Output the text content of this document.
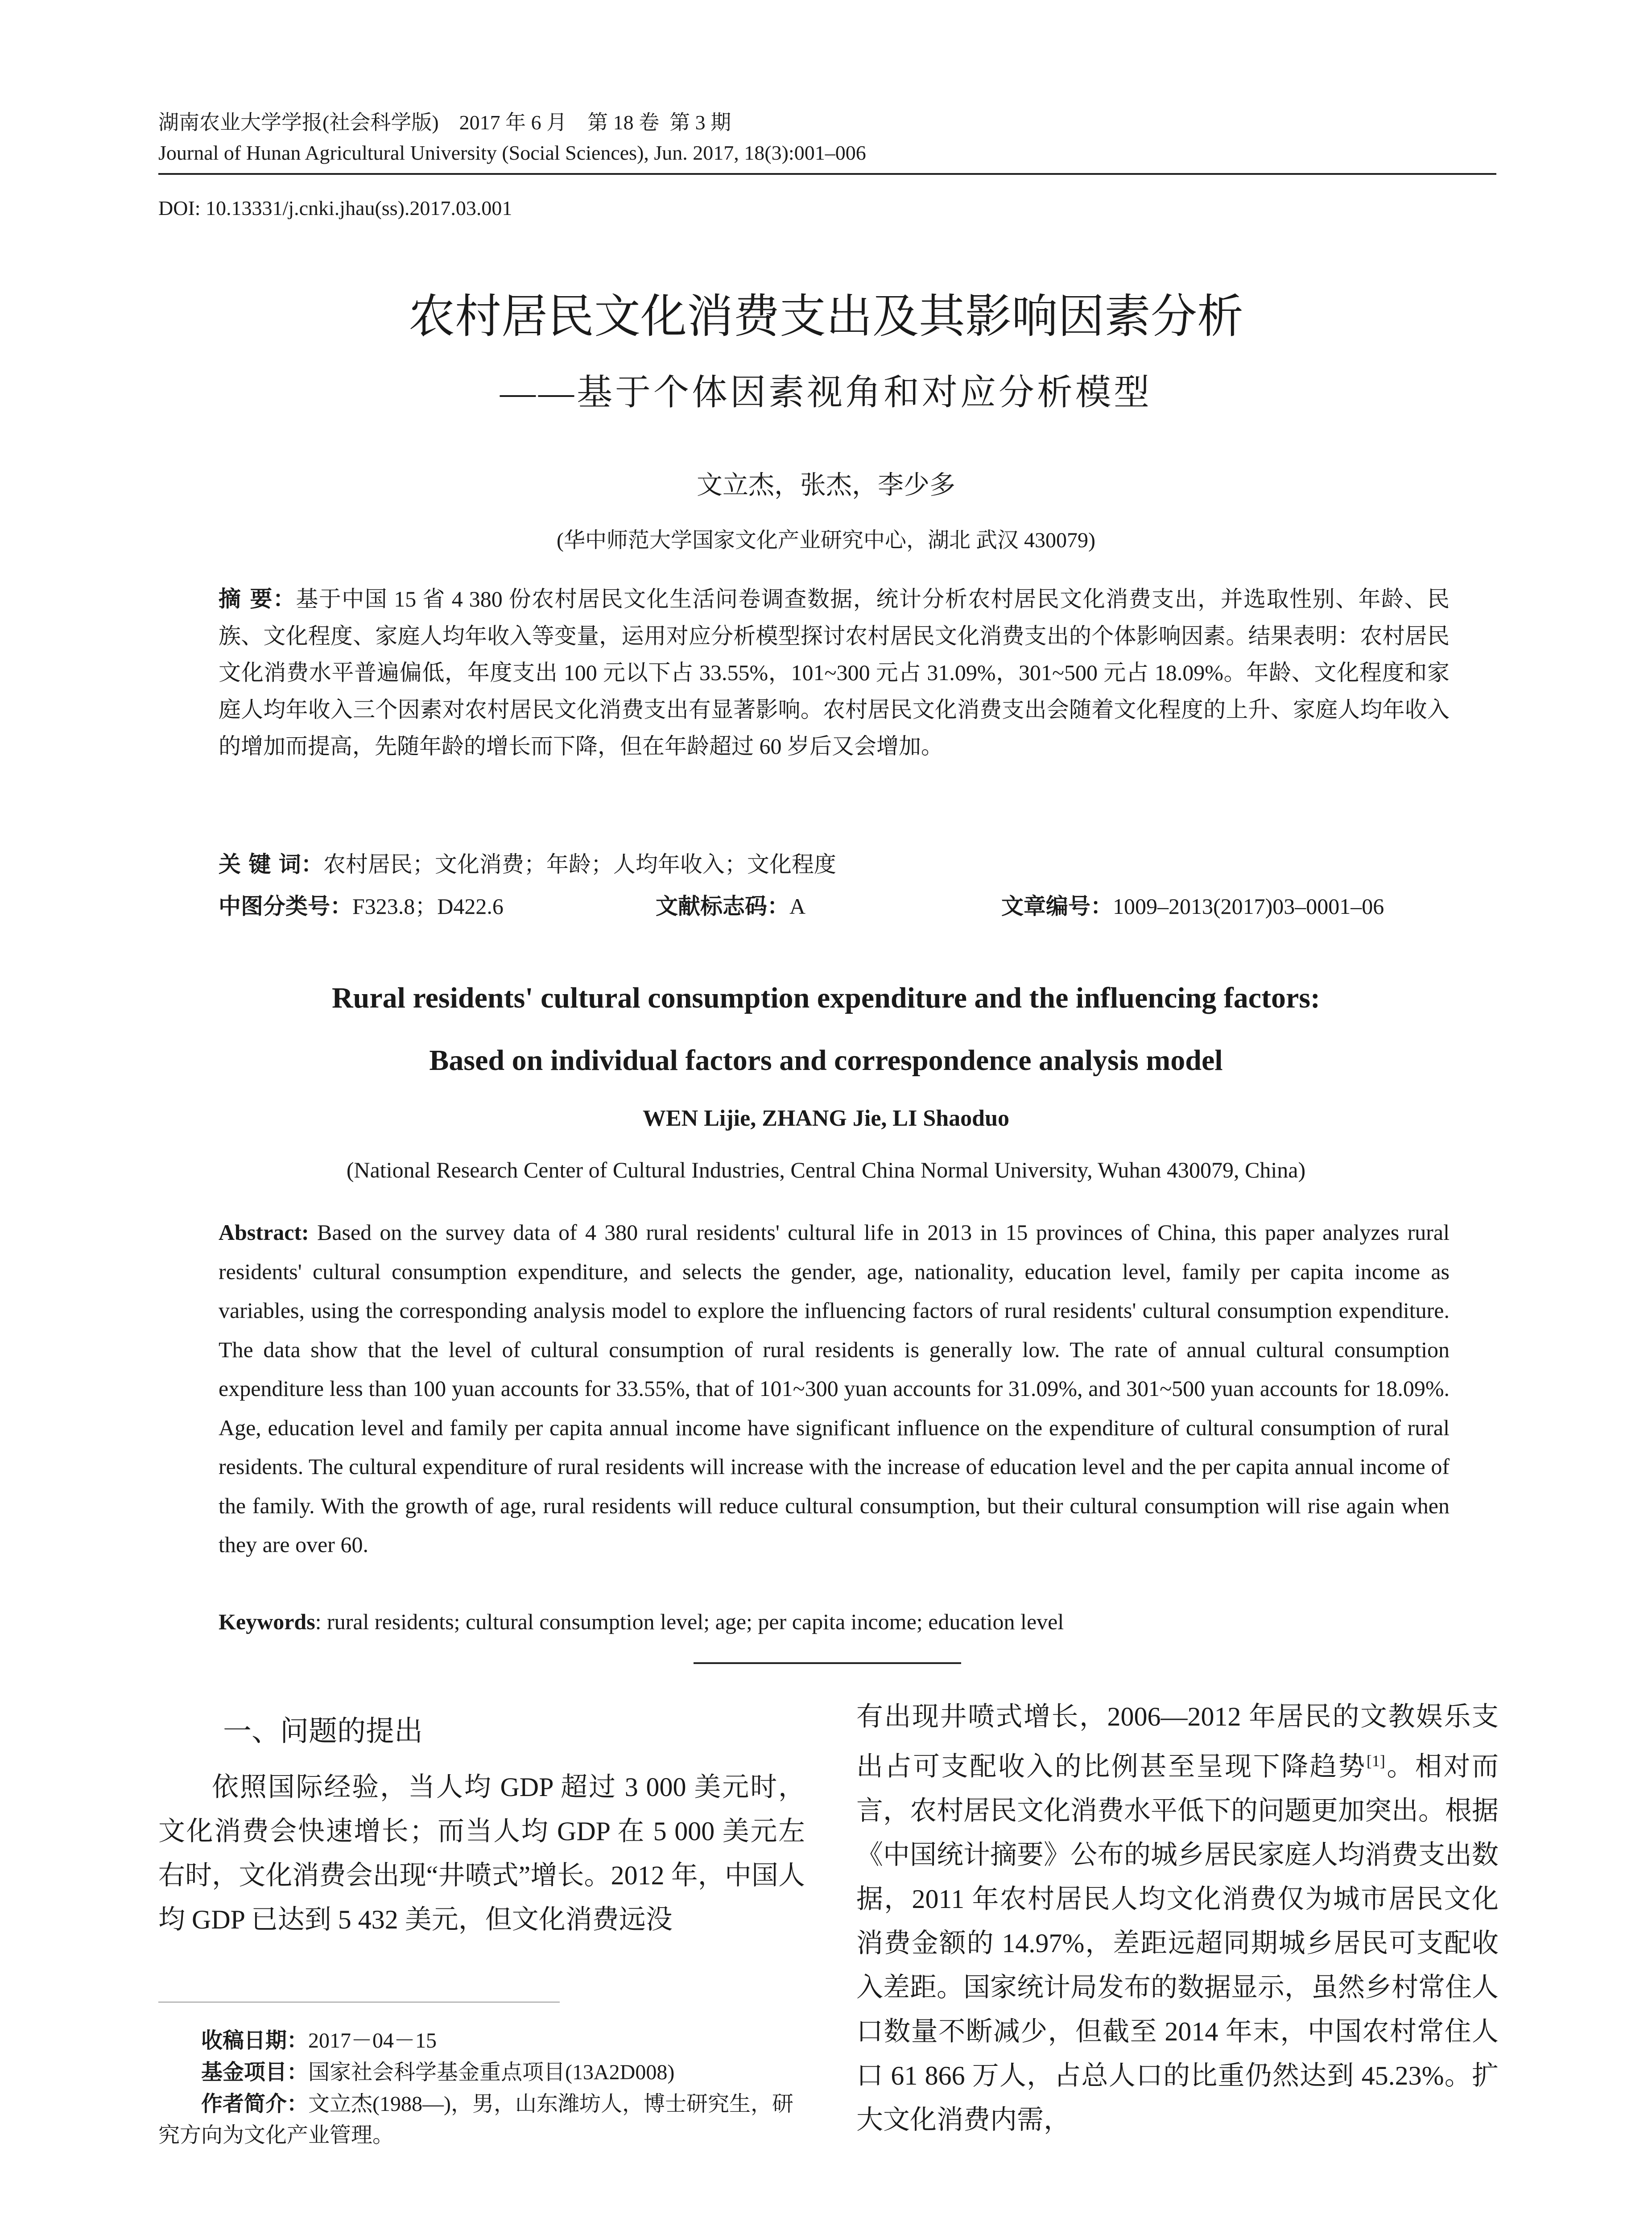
湖南农业大学学报(社会科学版)    2017 年 6 月    第 18 卷  第 3 期
Journal of Hunan Agricultural University (Social Sciences), Jun. 2017, 18(3):001–006
DOI: 10.13331/j.cnki.jhau(ss).2017.03.001
农村居民文化消费支出及其影响因素分析
——基于个体因素视角和对应分析模型
文立杰，张杰，李少多
(华中师范大学国家文化产业研究中心，湖北 武汉 430079)
摘 要：基于中国 15 省 4 380 份农村居民文化生活问卷调查数据，统计分析农村居民文化消费支出，并选取性别、年龄、民族、文化程度、家庭人均年收入等变量，运用对应分析模型探讨农村居民文化消费支出的个体影响因素。结果表明：农村居民文化消费水平普遍偏低，年度支出 100 元以下占 33.55%，101~300 元占 31.09%，301~500 元占 18.09%。年龄、文化程度和家庭人均年收入三个因素对农村居民文化消费支出有显著影响。农村居民文化消费支出会随着文化程度的上升、家庭人均年收入的增加而提高，先随年龄的增长而下降，但在年龄超过 60 岁后又会增加。
关 键 词：农村居民；文化消费；年龄；人均年收入；文化程度
中图分类号：F323.8；D422.6	文献标志码：A	文章编号：1009–2013(2017)03–0001–06
Rural residents' cultural consumption expenditure and the influencing factors:
Based on individual factors and correspondence analysis model
WEN Lijie, ZHANG Jie, LI Shaoduo
(National Research Center of Cultural Industries, Central China Normal University, Wuhan 430079, China)
Abstract: Based on the survey data of 4 380 rural residents' cultural life in 2013 in 15 provinces of China, this paper analyzes rural residents' cultural consumption expenditure, and selects the gender, age, nationality, education level, family per capita income as variables, using the corresponding analysis model to explore the influencing factors of rural residents' cultural consumption expenditure. The data show that the level of cultural consumption of rural residents is generally low. The rate of annual cultural consumption expenditure less than 100 yuan accounts for 33.55%, that of 101~300 yuan accounts for 31.09%, and 301~500 yuan accounts for 18.09%. Age, education level and family per capita annual income have significant influence on the expenditure of cultural consumption of rural residents. The cultural expenditure of rural residents will increase with the increase of education level and the per capita annual income of the family. With the growth of age, rural residents will reduce cultural consumption, but their cultural consumption will rise again when they are over 60.
Keywords: rural residents; cultural consumption level; age; per capita income; education level
一、问题的提出

依照国际经验，当人均 GDP 超过 3 000 美元时，文化消费会快速增长；而当人均 GDP 在 5 000 美元左右时，文化消费会出现“井喷式”增长。2012 年，中国人均 GDP 已达到 5 432 美元，但文化消费远没

收稿日期：2017－04－15
基金项目：国家社会科学基金重点项目(13A2D008)
作者简介：文立杰(1988—)，男，山东潍坊人，博士研究生，研究方向为文化产业管理。

有出现井喷式增长，2006—2012 年居民的文教娱乐支出占可支配收入的比例甚至呈现下降趋势[1]。相对而言，农村居民文化消费水平低下的问题更加突出。根据《中国统计摘要》公布的城乡居民家庭人均消费支出数据，2011 年农村居民人均文化消费仅为城市居民文化消费金额的 14.97%，差距远超同期城乡居民可支配收入差距。国家统计局发布的数据显示，虽然乡村常住人口数量不断减少，但截至 2014 年末，中国农村常住人口 61 866 万人，占总人口的比重仍然达到 45.23%。扩大文化消费内需，
